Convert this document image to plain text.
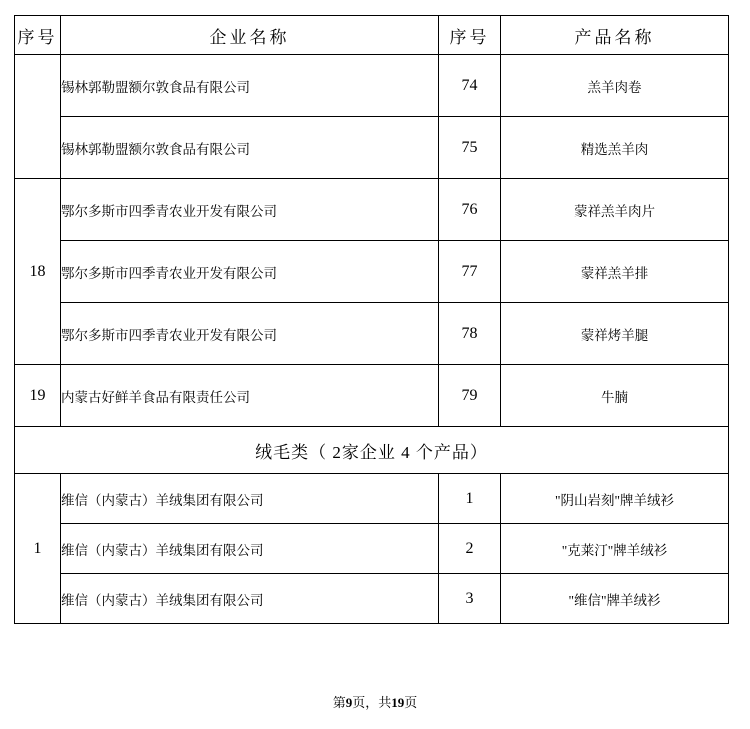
序号	企业名称	序号	产品名称
	锡林郭勒盟额尔敦食品有限公司	74	羔羊肉卷
	锡林郭勒盟额尔敦食品有限公司	75	精选羔羊肉
18	鄂尔多斯市四季青农业开发有限公司	76	蒙祥羔羊肉片
	鄂尔多斯市四季青农业开发有限公司	77	蒙祥羔羊排
	鄂尔多斯市四季青农业开发有限公司	78	蒙祥烤羊腿
19	内蒙古好鲜羊食品有限责任公司	79	牛腩
绒毛类（ 2家企业 4 个产品）			
1	维信（内蒙古）羊绒集团有限公司	1	"阴山岩刻"牌羊绒衫
	维信（内蒙古）羊绒集团有限公司	2	"克莱汀"牌羊绒衫
	维信（内蒙古）羊绒集团有限公司	3	"维信"牌羊绒衫
第9页，共19页
